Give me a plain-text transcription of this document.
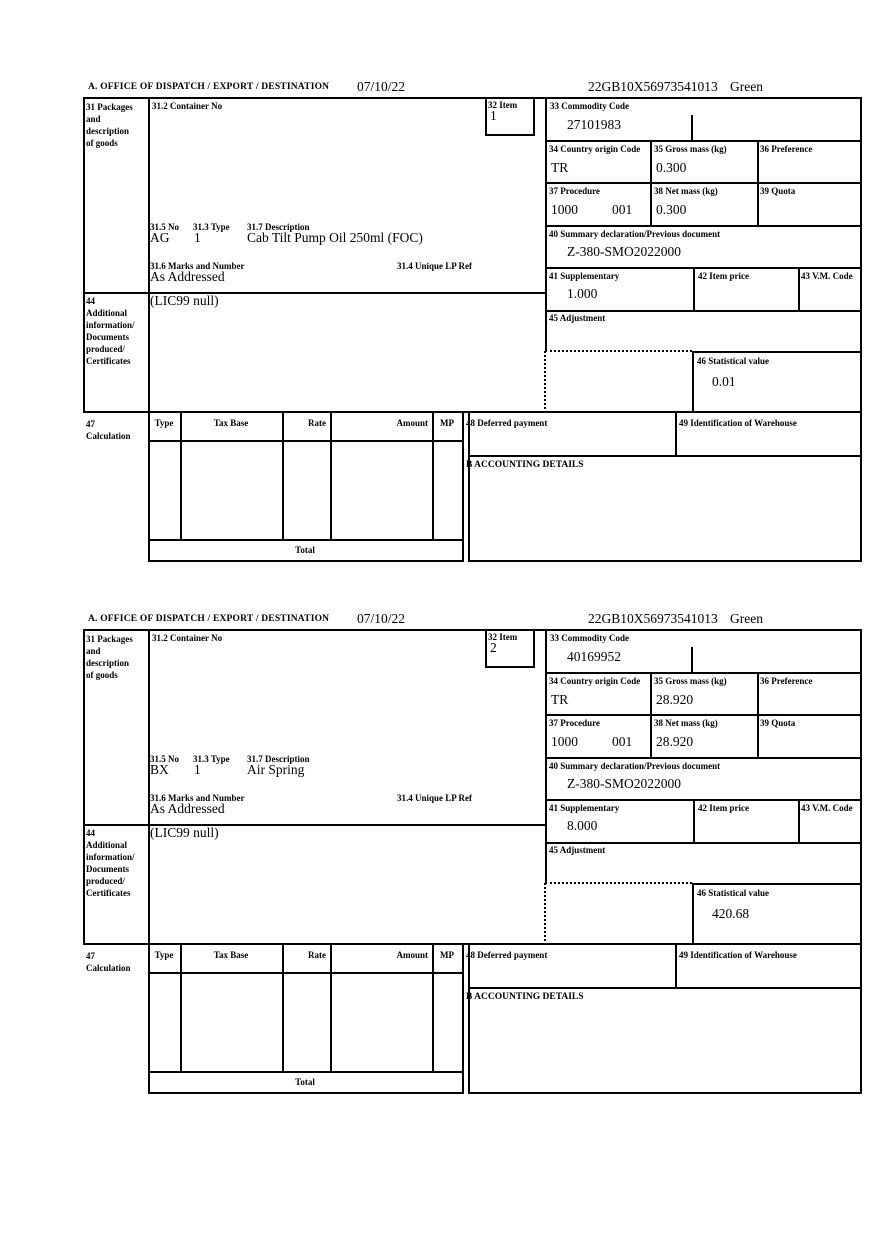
A. OFFICE OF DISPATCH / EXPORT / DESTINATION 07/10/22	22GB10X56973541013 Green
31 Packages
and
description
of goods
31.2 Container No	32 Item
1
31.5 No 31.3 Type 31.7 Description
AG 1	Cab Tilt Pump Oil 250ml (FOC)
31.6 Marks and Number	31.4 Unique LP Ref
As Addressed
44
Additional
information/
Documents
produced/
Certificates
(LIC99 null)
33 Commodity Code
27101983
34 Country origin Code
TR
35 Gross mass (kg)
0.300
36 Preference
37 Procedure
1000	001
38 Net mass (kg)
0.300
39 Quota
40 Summary declaration/Previous document
Z-380-SMO2022000
41 Supplementary
1.000
42 Item price	43 V.M. Code
45 Adjustment
46 Statistical value
0.01
47
Calculation
Type	Tax Base	Rate	Amount	MP
Total
48 Deferred payment	49 Identification of Warehouse
B ACCOUNTING DETAILS
A. OFFICE OF DISPATCH / EXPORT / DESTINATION 07/10/22	22GB10X56973541013 Green
31 Packages
and
description
of goods
31.2 Container No	32 Item
2
31.5 No 31.3 Type 31.7 Description
BX 1	Air Spring
31.6 Marks and Number	31.4 Unique LP Ref
As Addressed
44
Additional
information/
Documents
produced/
Certificates
(LIC99 null)
33 Commodity Code
40169952
34 Country origin Code
TR
35 Gross mass (kg)
28.920
36 Preference
37 Procedure
1000	001
38 Net mass (kg)
28.920
39 Quota
40 Summary declaration/Previous document
Z-380-SMO2022000
41 Supplementary
8.000
42 Item price	43 V.M. Code
45 Adjustment
46 Statistical value
420.68
47
Calculation
Type	Tax Base	Rate	Amount	MP
Total
48 Deferred payment	49 Identification of Warehouse
B ACCOUNTING DETAILS
